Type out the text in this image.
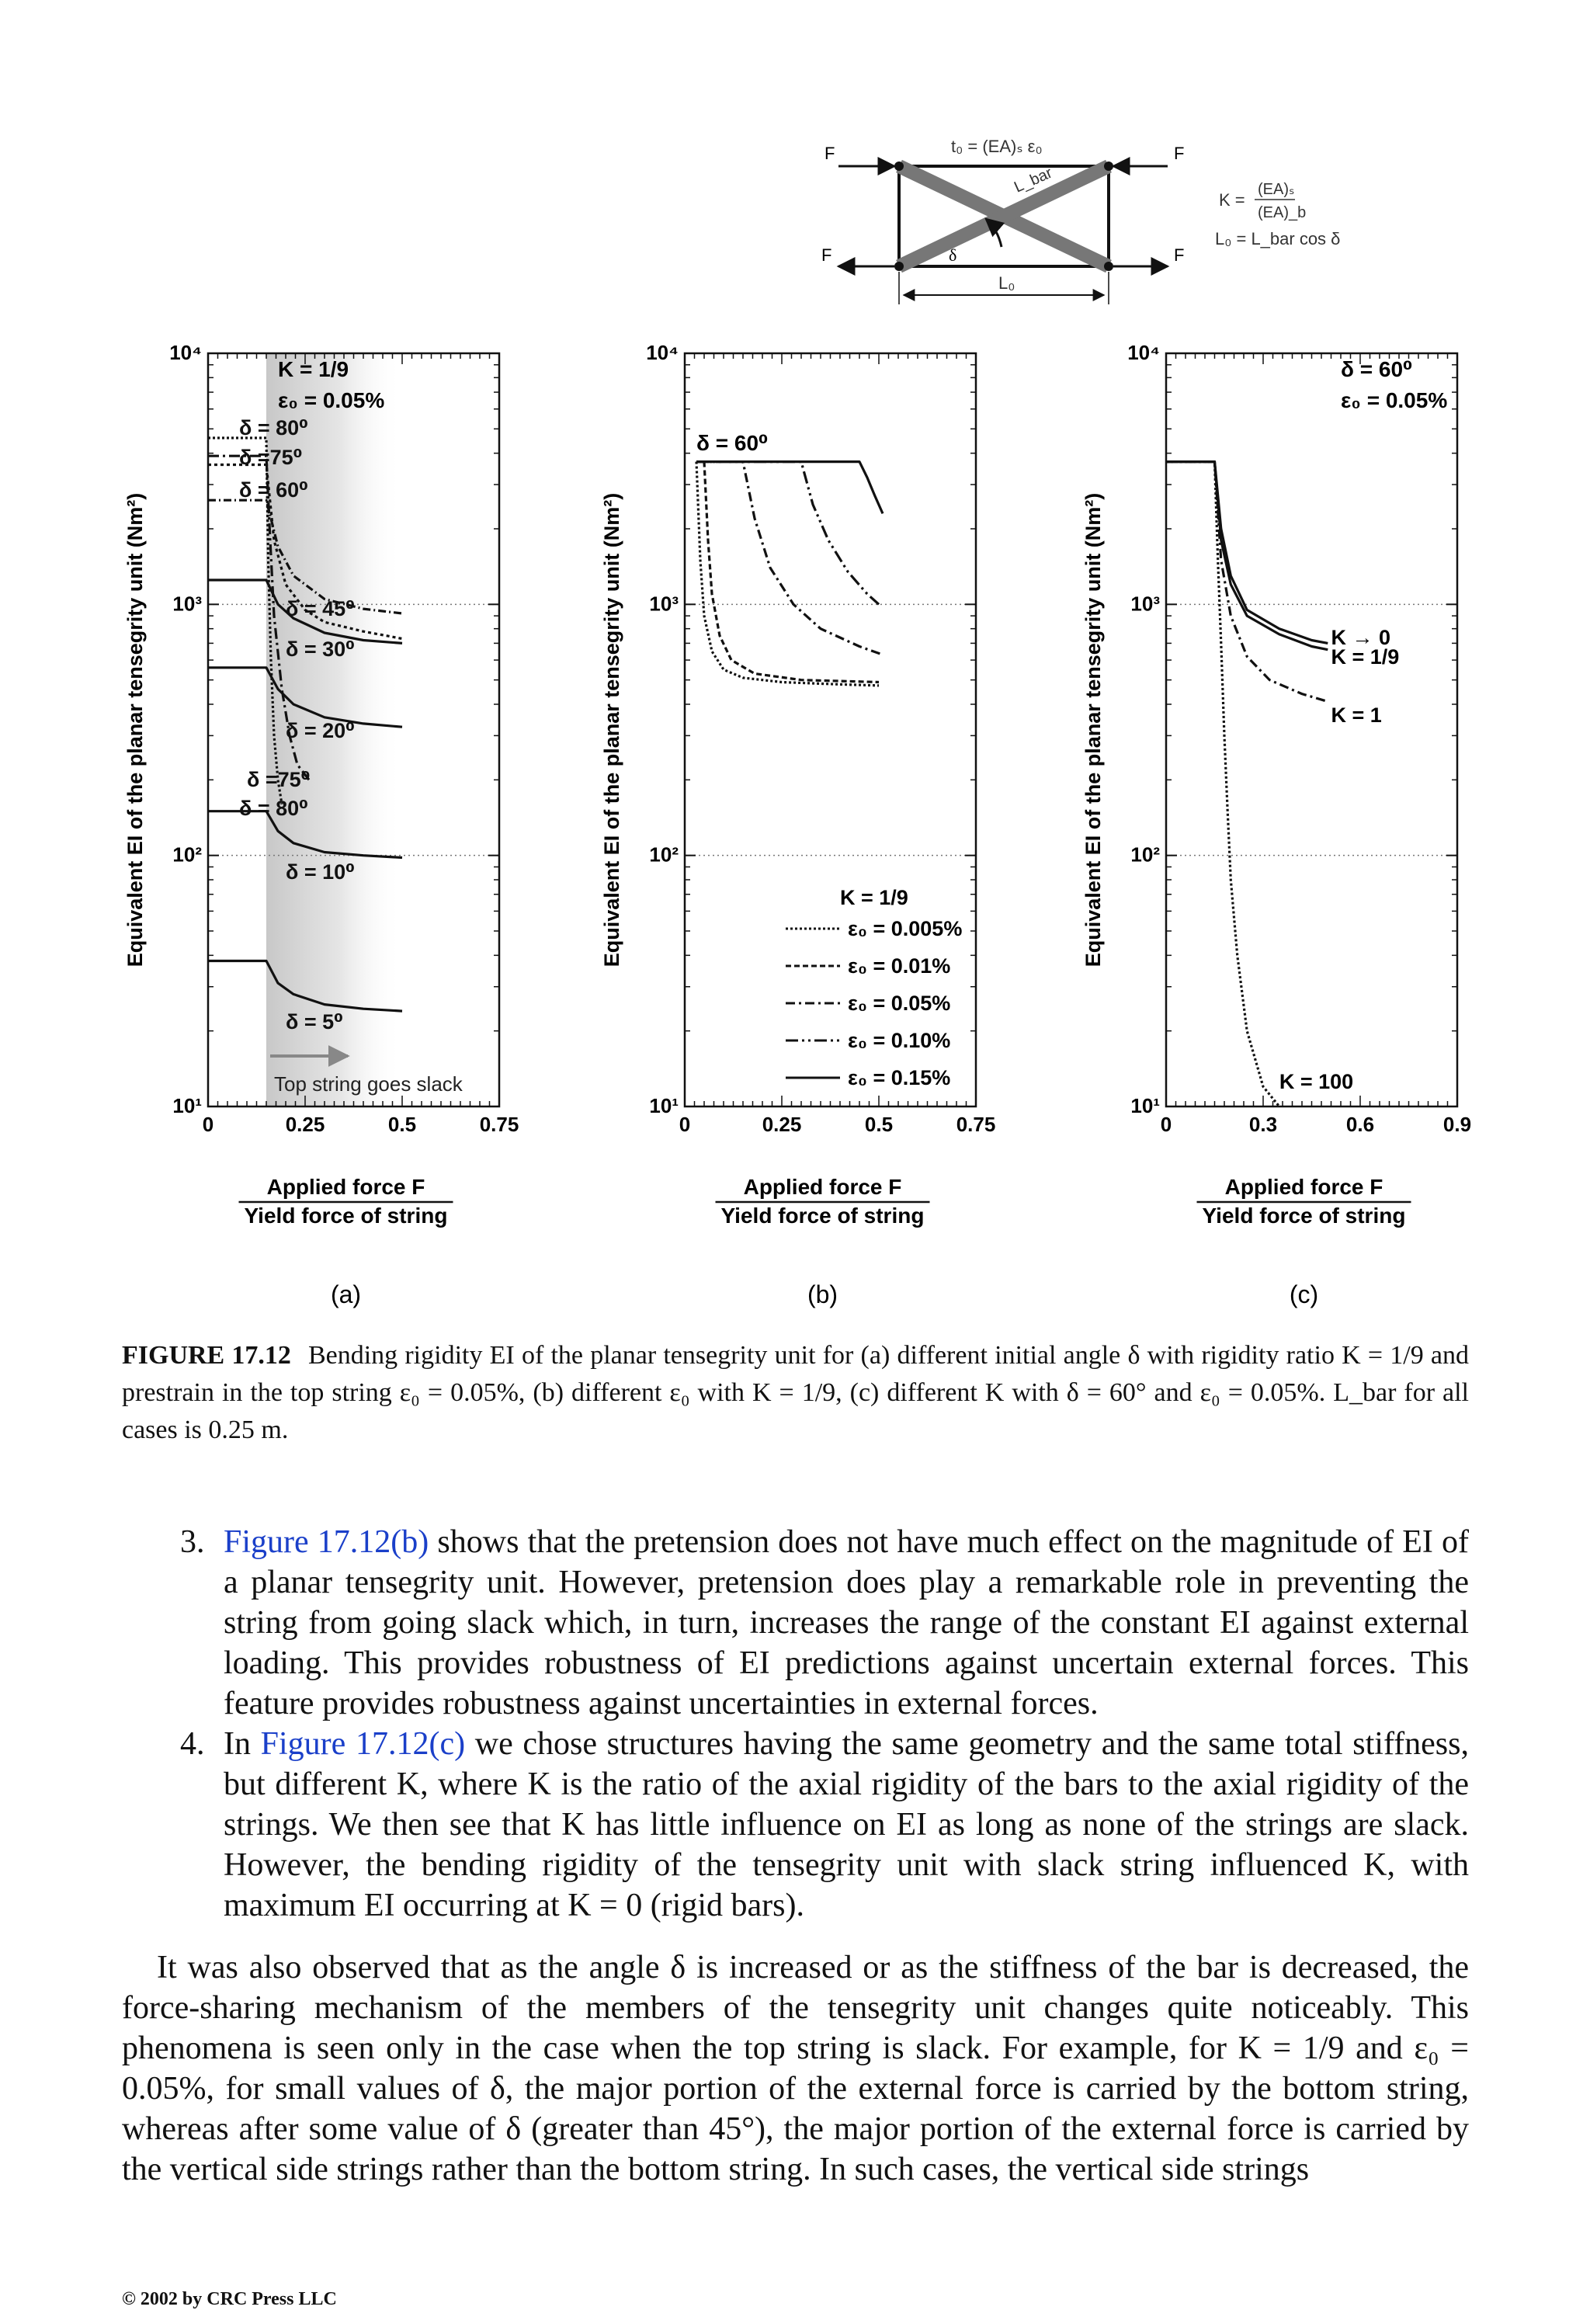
F	F
F	F
t₀ = (EA)ₛ ε₀
L_bar
δ
L₀
K =
(EA)ₛ
(EA)_b
L₀ = L_bar cos δ
Top string goes slack
10¹
10²
10³
10⁴
0	0.25	0.5	0.75
Equivalent EI of the planar tensegrity unit (Nm²)
Applied force F
Yield force of string
(a)
K = 1/9
ε₀ = 0.05%
δ = 80⁰
δ =75⁰
δ = 60⁰
δ = 45⁰
δ = 30⁰
δ = 20⁰
δ =75⁰
δ = 80⁰
δ = 10⁰
δ = 5⁰
10¹
10²
10³
10⁴
0	0.25	0.5	0.75
Equivalent EI of the planar tensegrity unit (Nm²)
Applied force F
Yield force of string
(b)
δ = 60⁰
K = 1/9
ε₀ = 0.005%
ε₀ = 0.01%
ε₀ = 0.05%
ε₀ = 0.10%
ε₀ = 0.15%
10¹
10²
10³
10⁴
0	0.3	0.6	0.9
Equivalent EI of the planar tensegrity unit (Nm²)
Applied force F
Yield force of string
(c)
δ = 60⁰
ε₀ = 0.05%
K → 0
K = 1/9
K = 1
K = 100
FIGURE 17.12 Bending rigidity EI of the planar tensegrity unit for (a) different initial angle δ with rigidity ratio K = 1/9 and prestrain in the top string ε₀ = 0.05%, (b) different ε₀ with K = 1/9, (c) different K with δ = 60° and ε₀ = 0.05%. L_bar for all cases is 0.25 m.
3. Figure 17.12(b) shows that the pretension does not have much effect on the magnitude of EI of a planar tensegrity unit. However, pretension does play a remarkable role in preventing the string from going slack which, in turn, increases the range of the constant EI against external loading. This provides robustness of EI predictions against uncertain external forces. This feature provides robustness against uncertainties in external forces.
4. In Figure 17.12(c) we chose structures having the same geometry and the same total stiffness, but different K, where K is the ratio of the axial rigidity of the bars to the axial rigidity of the strings. We then see that K has little influence on EI as long as none of the strings are slack. However, the bending rigidity of the tensegrity unit with slack string influenced K, with maximum EI occurring at K = 0 (rigid bars).

It was also observed that as the angle δ is increased or as the stiffness of the bar is decreased, the force-sharing mechanism of the members of the tensegrity unit changes quite noticeably. This phenomena is seen only in the case when the top string is slack. For example, for K = 1/9 and ε₀ = 0.05%, for small values of δ, the major portion of the external force is carried by the bottom string, whereas after some value of δ (greater than 45°), the major portion of the external force is carried by the vertical side strings rather than the bottom string. In such cases, the vertical side strings

© 2002 by CRC Press LLC
